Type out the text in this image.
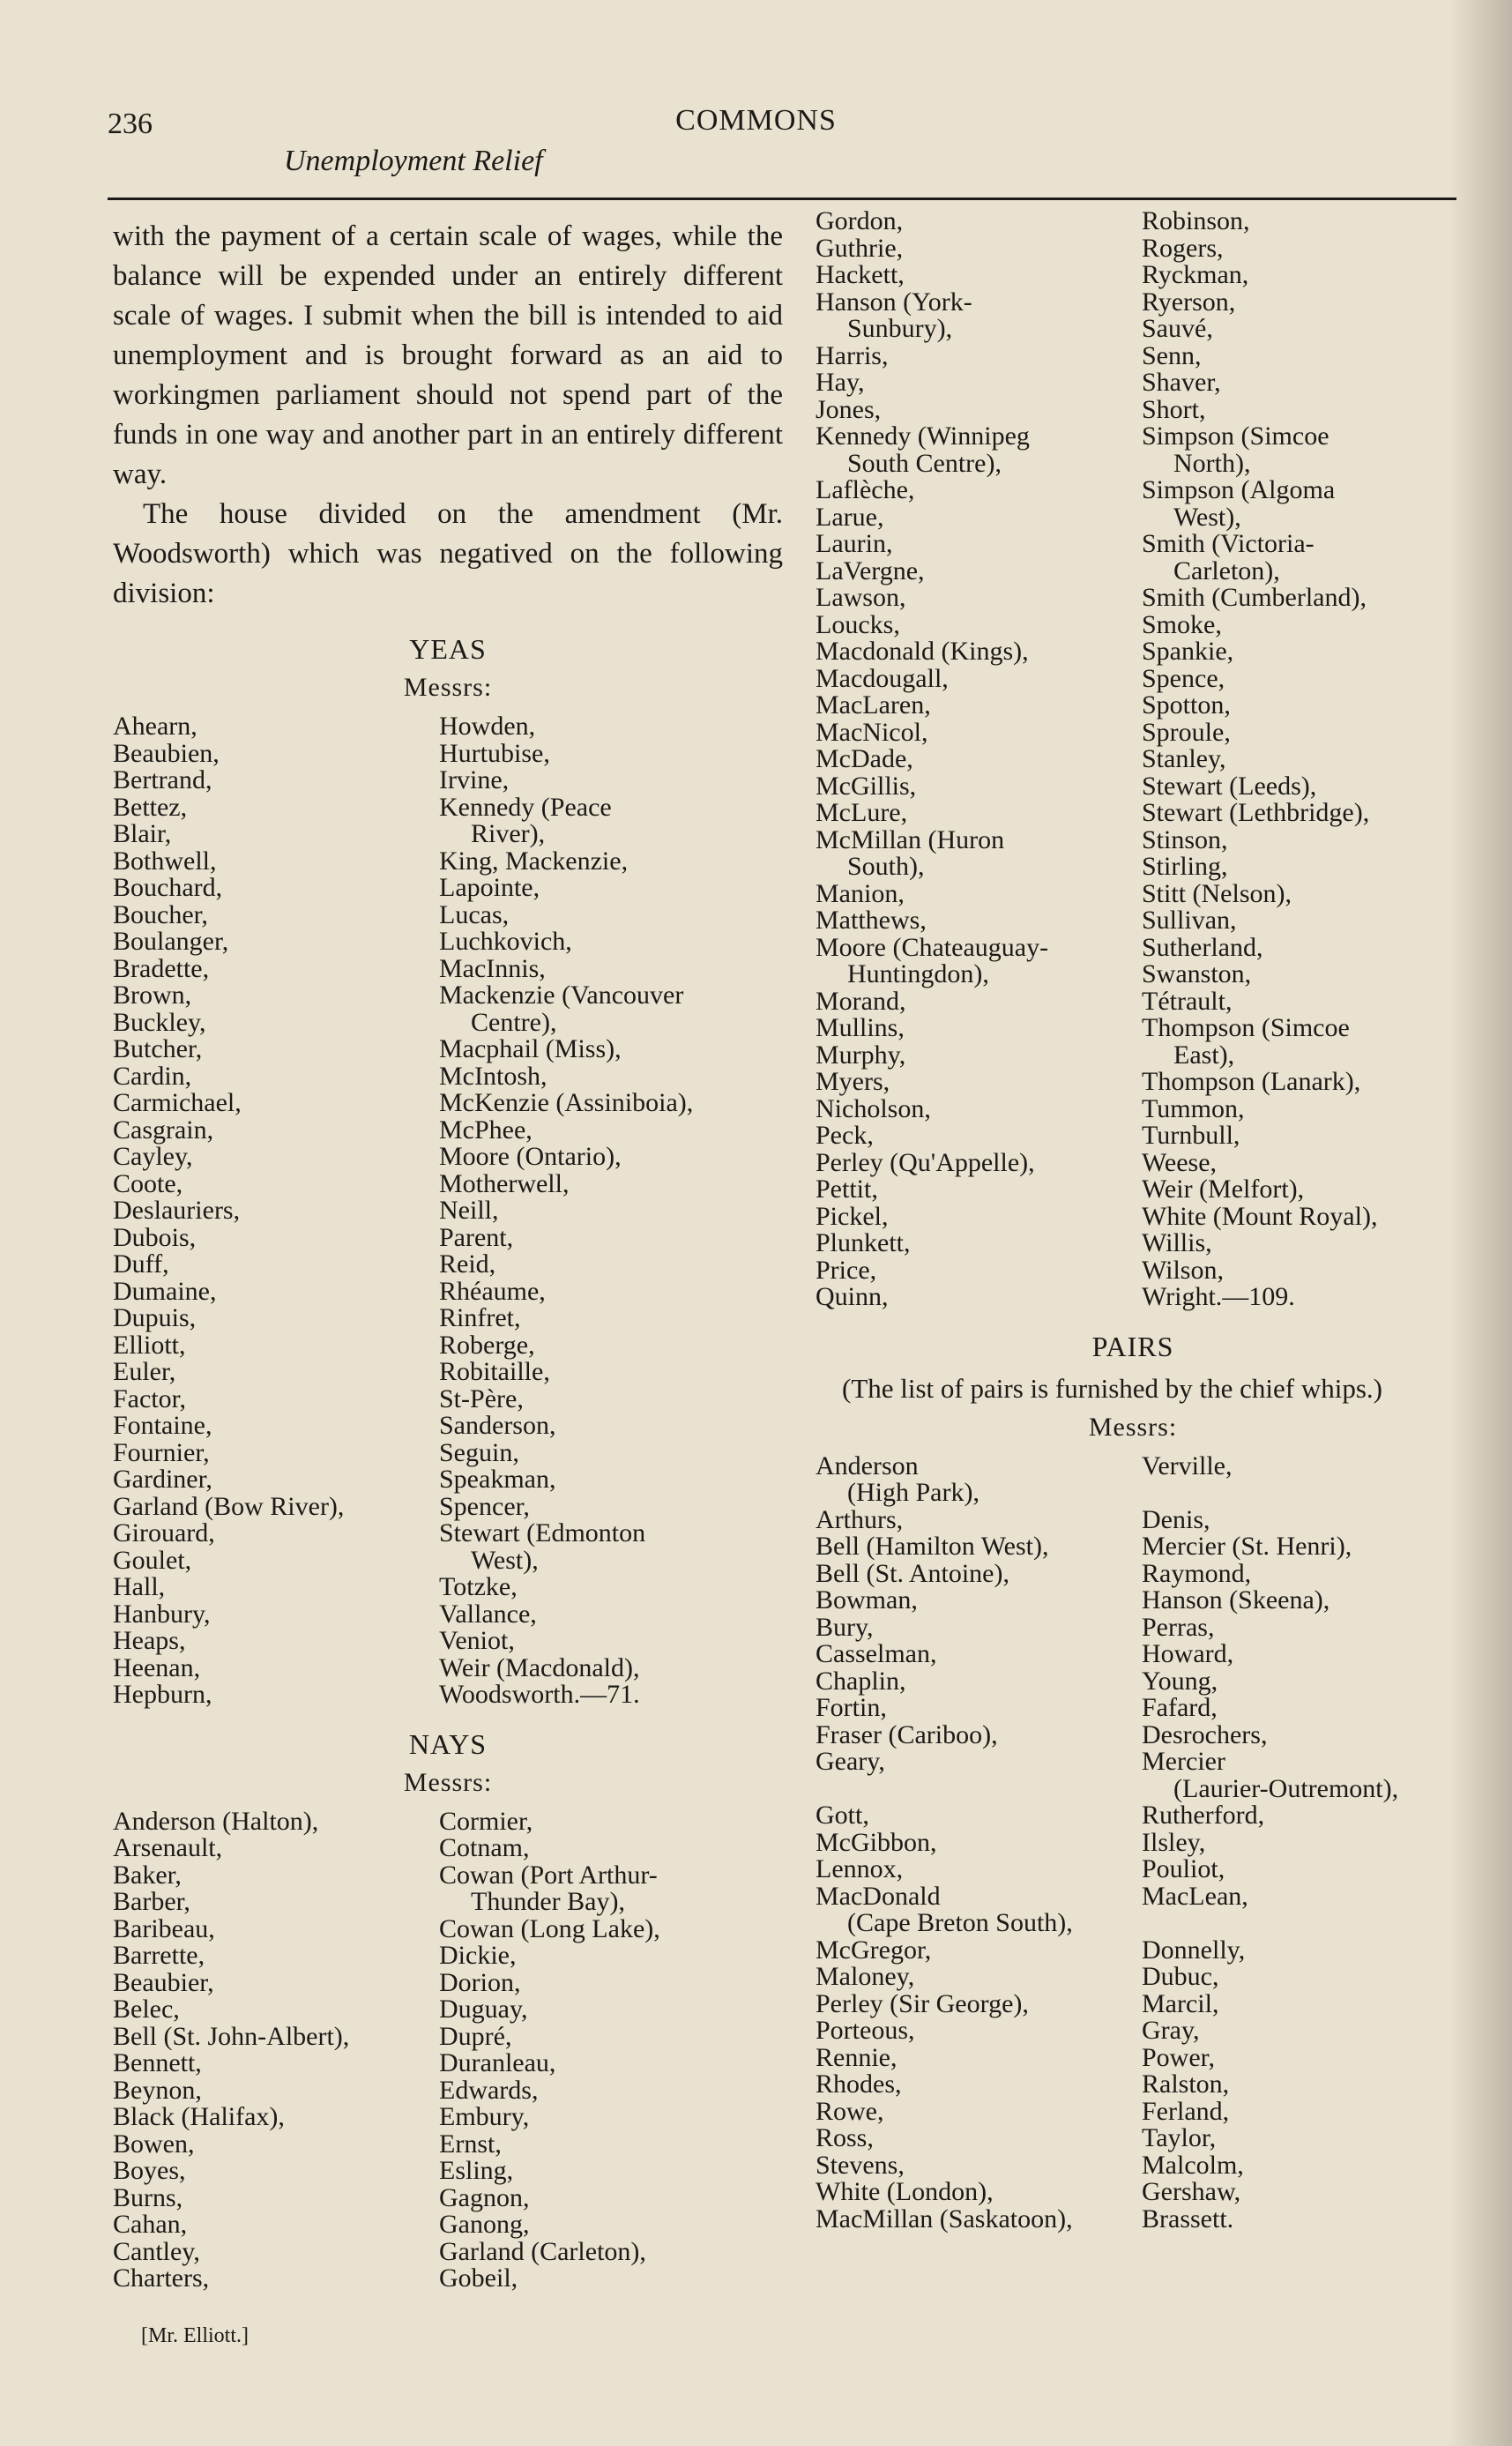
236	COMMONS
Unemployment Relief

with the payment of a certain scale of wages, while the balance will be expended under an entirely different scale of wages. I submit when the bill is intended to aid unemployment and is brought forward as an aid to workingmen parliament should not spend part of the funds in one way and another part in an entirely different way.

The house divided on the amendment (Mr. Woodsworth) which was negatived on the following division:

YEAS
Messrs:
Ahearn,
Beaubien,
Bertrand,
Bettez,
Blair,
Bothwell,
Bouchard,
Boucher,
Boulanger,
Bradette,
Brown,
Buckley,
Butcher,
Cardin,
Carmichael,
Casgrain,
Cayley,
Coote,
Deslauriers,
Dubois,
Duff,
Dumaine,
Dupuis,
Elliott,
Euler,
Factor,
Fontaine,
Fournier,
Gardiner,
Garland (Bow River),
Girouard,
Goulet,
Hall,
Hanbury,
Heaps,
Heenan,
Hepburn,
Howden,
Hurtubise,
Irvine,
Kennedy (Peace
River),
King, Mackenzie,
Lapointe,
Lucas,
Luchkovich,
MacInnis,
Mackenzie (Vancouver
Centre),
Macphail (Miss),
McIntosh,
McKenzie (Assiniboia),
McPhee,
Moore (Ontario),
Motherwell,
Neill,
Parent,
Reid,
Rhéaume,
Rinfret,
Roberge,
Robitaille,
St-Père,
Sanderson,
Seguin,
Speakman,
Spencer,
Stewart (Edmonton
West),
Totzke,
Vallance,
Veniot,
Weir (Macdonald),
Woodsworth.—71.
NAYS
Messrs:
Anderson (Halton),
Arsenault,
Baker,
Barber,
Baribeau,
Barrette,
Beaubier,
Belec,
Bell (St. John-Albert),
Bennett,
Beynon,
Black (Halifax),
Bowen,
Boyes,
Burns,
Cahan,
Cantley,
Charters,
Cormier,
Cotnam,
Cowan (Port Arthur-
Thunder Bay),
Cowan (Long Lake),
Dickie,
Dorion,
Duguay,
Dupré,
Duranleau,
Edwards,
Embury,
Ernst,
Esling,
Gagnon,
Ganong,
Garland (Carleton),
Gobeil,
Gordon,
Guthrie,
Hackett,
Hanson (York-
Sunbury),
Harris,
Hay,
Jones,
Kennedy (Winnipeg
South Centre),
Laflèche,
Larue,
Laurin,
LaVergne,
Lawson,
Loucks,
Macdonald (Kings),
Macdougall,
MacLaren,
MacNicol,
McDade,
McGillis,
McLure,
McMillan (Huron
South),
Manion,
Matthews,
Moore (Chateauguay-
Huntingdon),
Morand,
Mullins,
Murphy,
Myers,
Nicholson,
Peck,
Perley (Qu'Appelle),
Pettit,
Pickel,
Plunkett,
Price,
Quinn,
Robinson,
Rogers,
Ryckman,
Ryerson,
Sauvé,
Senn,
Shaver,
Short,
Simpson (Simcoe
North),
Simpson (Algoma
West),
Smith (Victoria-
Carleton),
Smith (Cumberland),
Smoke,
Spankie,
Spence,
Spotton,
Sproule,
Stanley,
Stewart (Leeds),
Stewart (Lethbridge),
Stinson,
Stirling,
Stitt (Nelson),
Sullivan,
Sutherland,
Swanston,
Tétrault,
Thompson (Simcoe
East),
Thompson (Lanark),
Tummon,
Turnbull,
Weese,
Weir (Melfort),
White (Mount Royal),
Willis,
Wilson,
Wright.—109.
PAIRS
(The list of pairs is furnished by the chief whips.)
Messrs:
Anderson
(High Park),
Arthurs,
Bell (Hamilton West),
Bell (St. Antoine),
Bowman,
Bury,
Casselman,
Chaplin,
Fortin,
Fraser (Cariboo),
Geary,

Gott,
McGibbon,
Lennox,
MacDonald
(Cape Breton South),
McGregor,
Maloney,
Perley (Sir George),
Porteous,
Rennie,
Rhodes,
Rowe,
Ross,
Stevens,
White (London),
MacMillan (Saskatoon),
Verville,

Denis,
Mercier (St. Henri),
Raymond,
Hanson (Skeena),
Perras,
Howard,
Young,
Fafard,
Desrochers,
Mercier
(Laurier-Outremont),
Rutherford,
Ilsley,
Pouliot,
MacLean,

Donnelly,
Dubuc,
Marcil,
Gray,
Power,
Ralston,
Ferland,
Taylor,
Malcolm,
Gershaw,
Brassett.
[Mr. Elliott.]
